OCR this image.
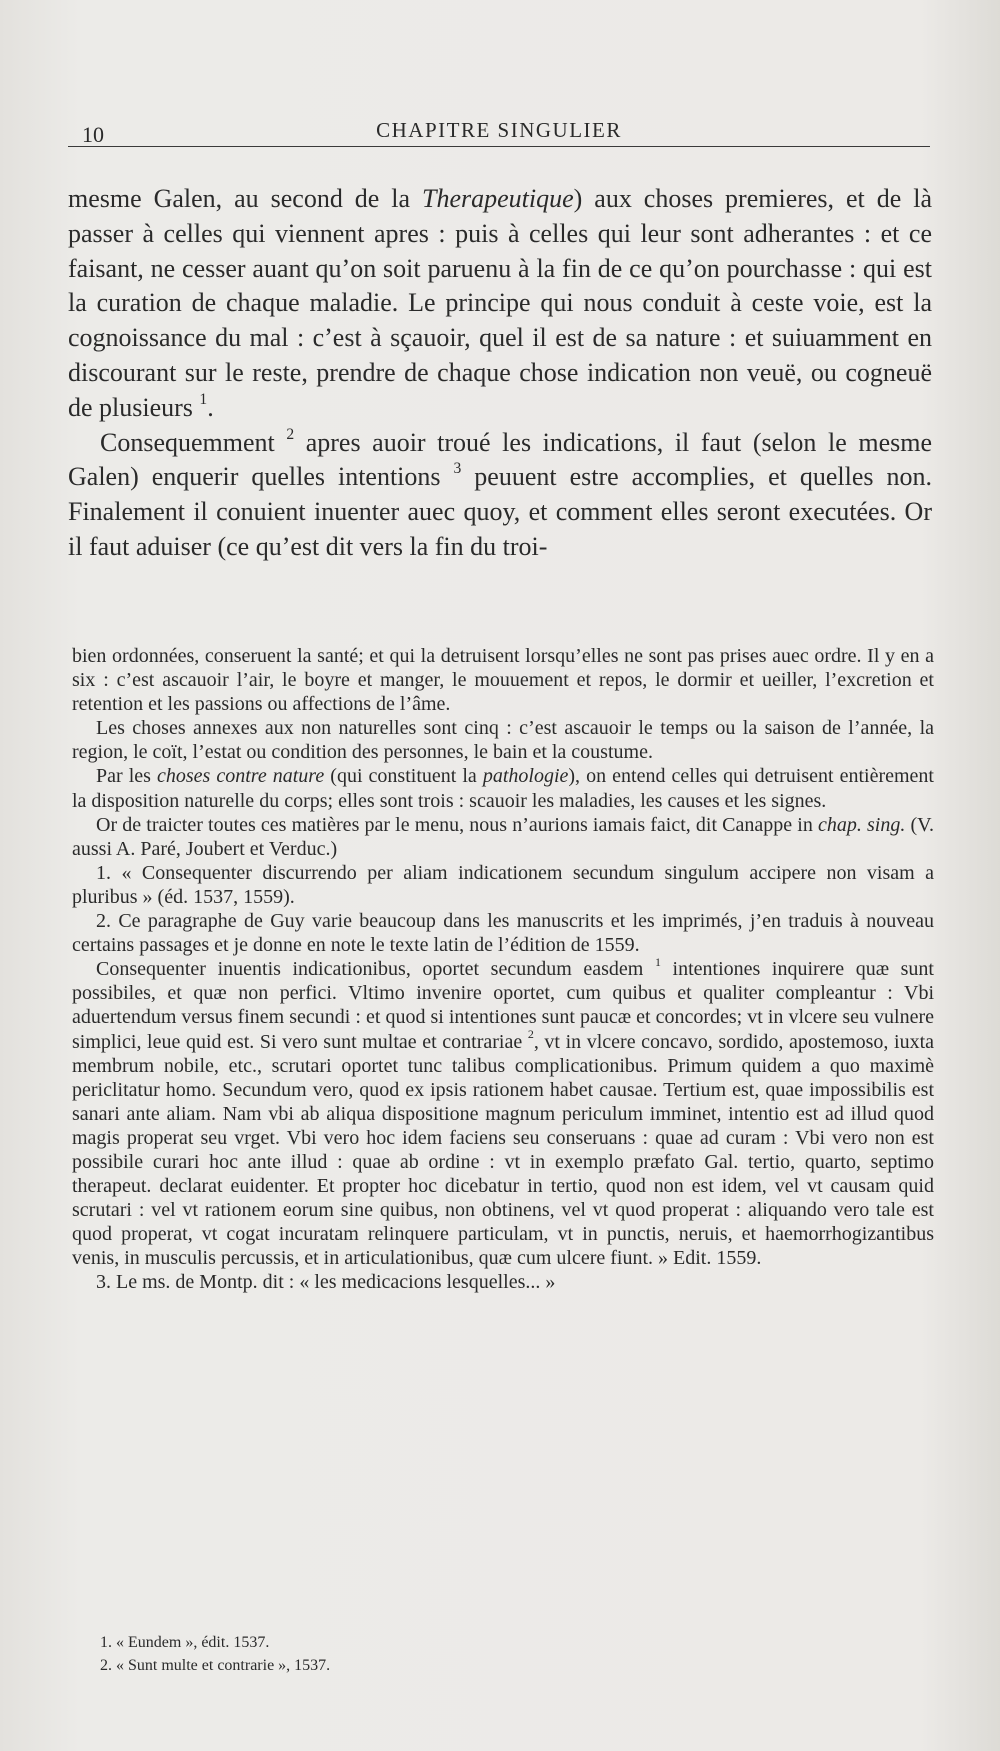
10	CHAPITRE SINGULIER

mesme Galen, au second de la Therapeutique) aux choses premieres, et de là passer à celles qui viennent apres : puis à celles qui leur sont adherantes : et ce faisant, ne cesser auant qu’on soit paruenu à la fin de ce qu’on pourchasse : qui est la curation de chaque maladie. Le principe qui nous conduit à ceste voie, est la cognoissance du mal : c’est à sçauoir, quel il est de sa nature : et suiuamment en discourant sur le reste, prendre de chaque chose indication non veuë, ou cogneuë de plusieurs $^1$.

Consequemment $^2$ apres auoir troué les indications, il faut (selon le mesme Galen) enquerir quelles intentions $^3$ peuuent estre accomplies, et quelles non. Finalement il conuient inuenter auec quoy, et comment elles seront executées. Or il faut aduiser (ce qu’est dit vers la fin du troi-

bien ordonnées, conseruent la santé; et qui la detruisent lorsqu’elles ne sont pas prises auec ordre. Il y en a six : c’est ascauoir l’air, le boyre et manger, le mouuement et repos, le dormir et ueiller, l’excretion et retention et les passions ou affections de l’âme.

Les choses annexes aux non naturelles sont cinq : c’est ascauoir le temps ou la saison de l’année, la region, le coït, l’estat ou condition des personnes, le bain et la coustume.

Par les choses contre nature (qui constituent la pathologie), on entend celles qui detruisent entièrement la disposition naturelle du corps; elles sont trois : scauoir les maladies, les causes et les signes.

Or de traicter toutes ces matières par le menu, nous n’aurions iamais faict, dit Canappe in chap. sing. (V. aussi A. Paré, Joubert et Verduc.)

1. « Consequenter discurrendo per aliam indicationem secundum singulum accipere non visam a pluribus » (éd. 1537, 1559).

2. Ce paragraphe de Guy varie beaucoup dans les manuscrits et les imprimés, j’en traduis à nouveau certains passages et je donne en note le texte latin de l’édition de 1559.

Consequenter inuentis indicationibus, oportet secundum easdem $^1$ intentiones inquirere quæ sunt possibiles, et quæ non perfici. Vltimo invenire oportet, cum quibus et qualiter compleantur : Vbi aduertendum versus finem secundi : et quod si intentiones sunt paucæ et concordes; vt in vlcere seu vulnere simplici, leue quid est. Si vero sunt multae et contrariae $^2$, vt in vlcere concavo, sordido, apostemoso, iuxta membrum nobile, etc., scrutari oportet tunc talibus complicationibus. Primum quidem a quo maximè periclitatur homo. Secundum vero, quod ex ipsis rationem habet causae. Tertium est, quae impossibilis est sanari ante aliam. Nam vbi ab aliqua dispositione magnum periculum imminet, intentio est ad illud quod magis properat seu vrget. Vbi vero hoc idem faciens seu conseruans : quae ad curam : Vbi vero non est possibile curari hoc ante illud : quae ab ordine : vt in exemplo præfato Gal. tertio, quarto, septimo therapeut. declarat euidenter. Et propter hoc dicebatur in tertio, quod non est idem, vel vt causam quid scrutari : vel vt rationem eorum sine quibus, non obtinens, vel vt quod properat : aliquando vero tale est quod properat, vt cogat incuratam relinquere particulam, vt in punctis, neruis, et haemorrhogizantibus venis, in musculis percussis, et in articulationibus, quæ cum ulcere fiunt. » Edit. 1559.

3. Le ms. de Montp. dit : « les medicacions lesquelles... »

1. « Eundem », édit. 1537.

2. « Sunt multe et contrarie », 1537.
